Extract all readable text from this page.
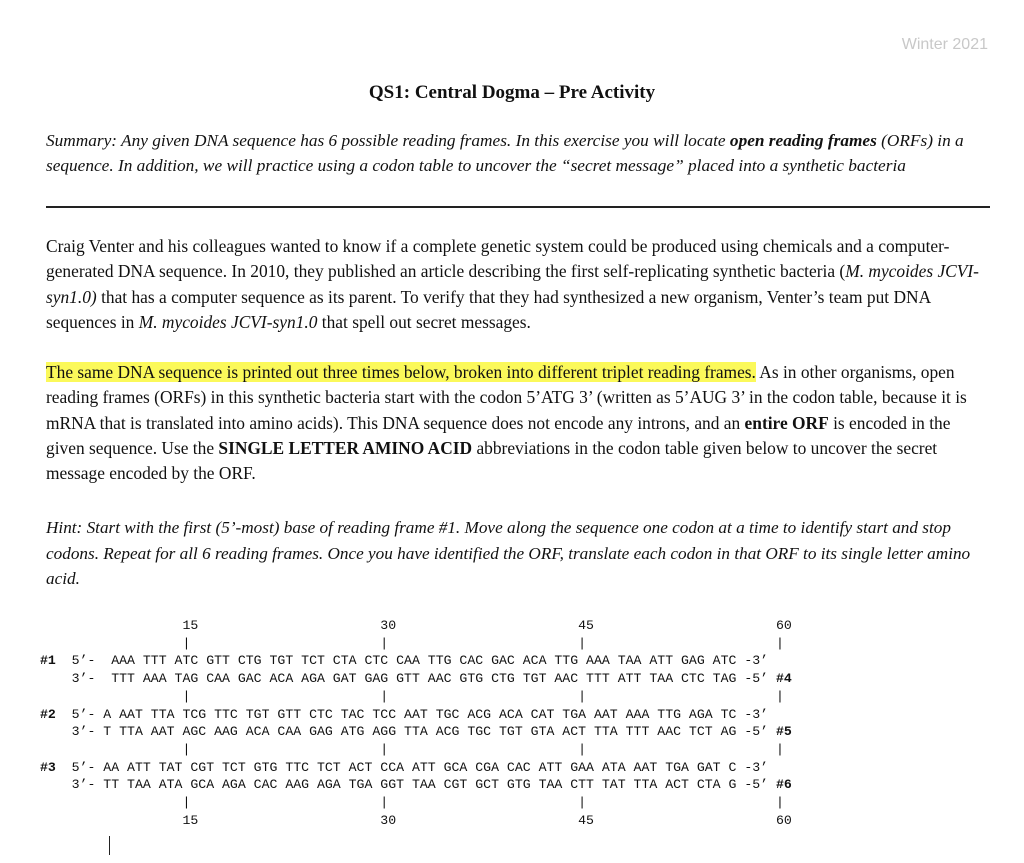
Winter 2021
QS1: Central Dogma – Pre Activity
Summary: Any given DNA sequence has 6 possible reading frames. In this exercise you will locate open reading frames (ORFs) in a sequence. In addition, we will practice using a codon table to uncover the “secret message” placed into a synthetic bacteria
Craig Venter and his colleagues wanted to know if a complete genetic system could be produced using chemicals and a computer-generated DNA sequence. In 2010, they published an article describing the first self-replicating synthetic bacteria (M. mycoides JCVI-syn1.0) that has a computer sequence as its parent. To verify that they had synthesized a new organism, Venter’s team put DNA sequences in M. mycoides JCVI-syn1.0 that spell out secret messages.
The same DNA sequence is printed out three times below, broken into different triplet reading frames. As in other organisms, open reading frames (ORFs) in this synthetic bacteria start with the codon 5’ATG 3’ (written as 5’AUG 3’ in the codon table, because it is mRNA that is translated into amino acids). This DNA sequence does not encode any introns, and an entire ORF is encoded in the given sequence. Use the SINGLE LETTER AMINO ACID abbreviations in the codon table given below to uncover the secret message encoded by the ORF.
Hint: Start with the first (5’-most) base of reading frame #1. Move along the sequence one codon at a time to identify start and stop codons. Repeat for all 6 reading frames. Once you have identified the ORF, translate each codon in that ORF to its single letter amino acid.
15                       30                       45                       60
|                        |                        |                        |
#1  5’-  AAA TTT ATC GTT CTG TGT TCT CTA CTC CAA TTG CAC GAC ACA TTG AAA TAA ATT GAG ATC -3’
3’-  TTT AAA TAG CAA GAC ACA AGA GAT GAG GTT AAC GTG CTG TGT AAC TTT ATT TAA CTC TAG -5’ #4
|                        |                        |                        |
#2  5’- A AAT TTA TCG TTC TGT GTT CTC TAC TCC AAT TGC ACG ACA CAT TGA AAT AAA TTG AGA TC -3’
3’- T TTA AAT AGC AAG ACA CAA GAG ATG AGG TTA ACG TGC TGT GTA ACT TTA TTT AAC TCT AG -5’ #5
|                        |                        |                        |
#3  5’- AA ATT TAT CGT TCT GTG TTC TCT ACT CCA ATT GCA CGA CAC ATT GAA ATA AAT TGA GAT C -3’
3’- TT TAA ATA GCA AGA CAC AAG AGA TGA GGT TAA CGT GCT GTG TAA CTT TAT TTA ACT CTA G -5’ #6
|                        |                        |                        |
15                       30                       45                       60
